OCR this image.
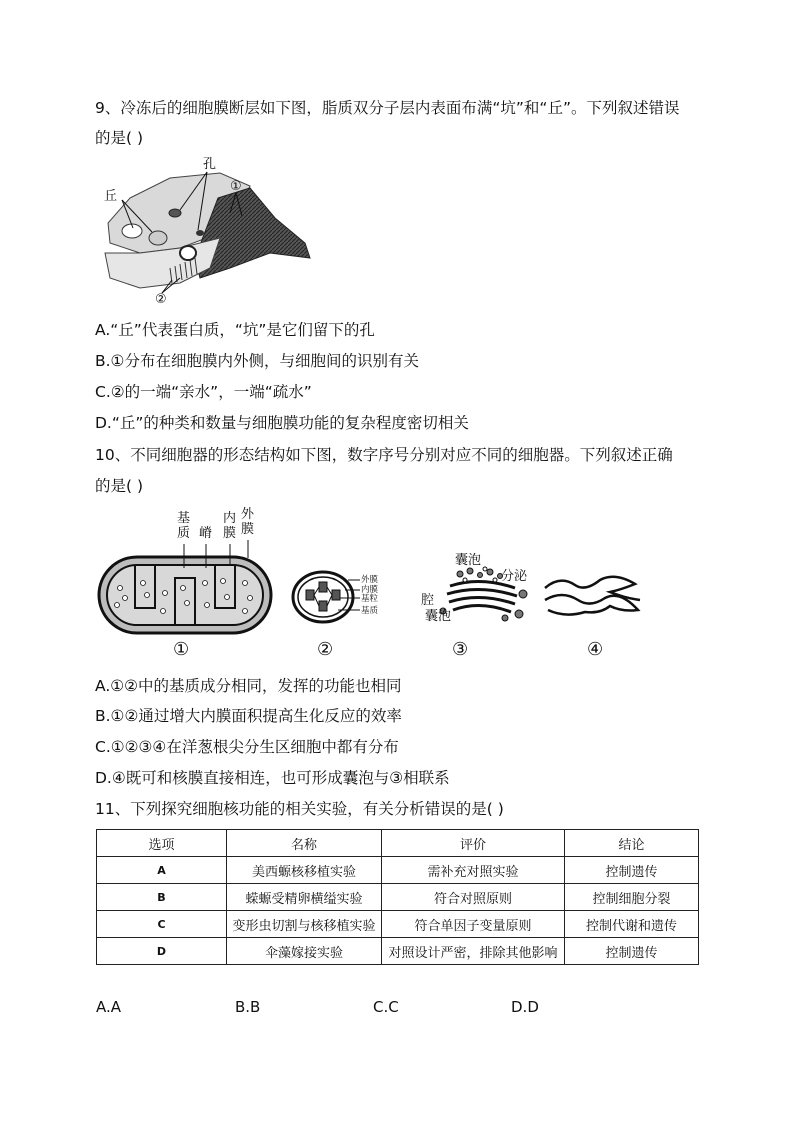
9、冷冻后的细胞膜断层如下图，脂质双分子层内表面布满“坑”和“丘”。下列叙述错误
的是( )
丘
孔
①
②
A.“丘”代表蛋白质，“坑”是它们留下的孔
B.①分布在细胞膜内外侧，与细胞间的识别有关
C.②的一端“亲水”，一端“疏水”
D.“丘”的种类和数量与细胞膜功能的复杂程度密切相关
10、不同细胞器的形态结构如下图，数字序号分别对应不同的细胞器。下列叙述正确
的是( )
基
质 嵴
内
膜
外
膜
外膜
内膜
基粒
基质
囊泡
分泌
腔
囊泡
①	②	③	④
A.①②中的基质成分相同，发挥的功能也相同
B.①②通过增大内膜面积提高生化反应的效率
C.①②③④在洋葱根尖分生区细胞中都有分布
D.④既可和核膜直接相连，也可形成囊泡与③相联系
11、下列探究细胞核功能的相关实验，有关分析错误的是( )
选项	名称	评价	结论
A	美西螈核移植实验	需补充对照实验	控制遗传
B	蝾螈受精卵横缢实验	符合对照原则	控制细胞分裂
C	变形虫切割与核移植实验	符合单因子变量原则	控制代谢和遗传
D	伞藻嫁接实验	对照设计严密，排除其他影响	控制遗传
A.A	B.B	C.C	D.D
